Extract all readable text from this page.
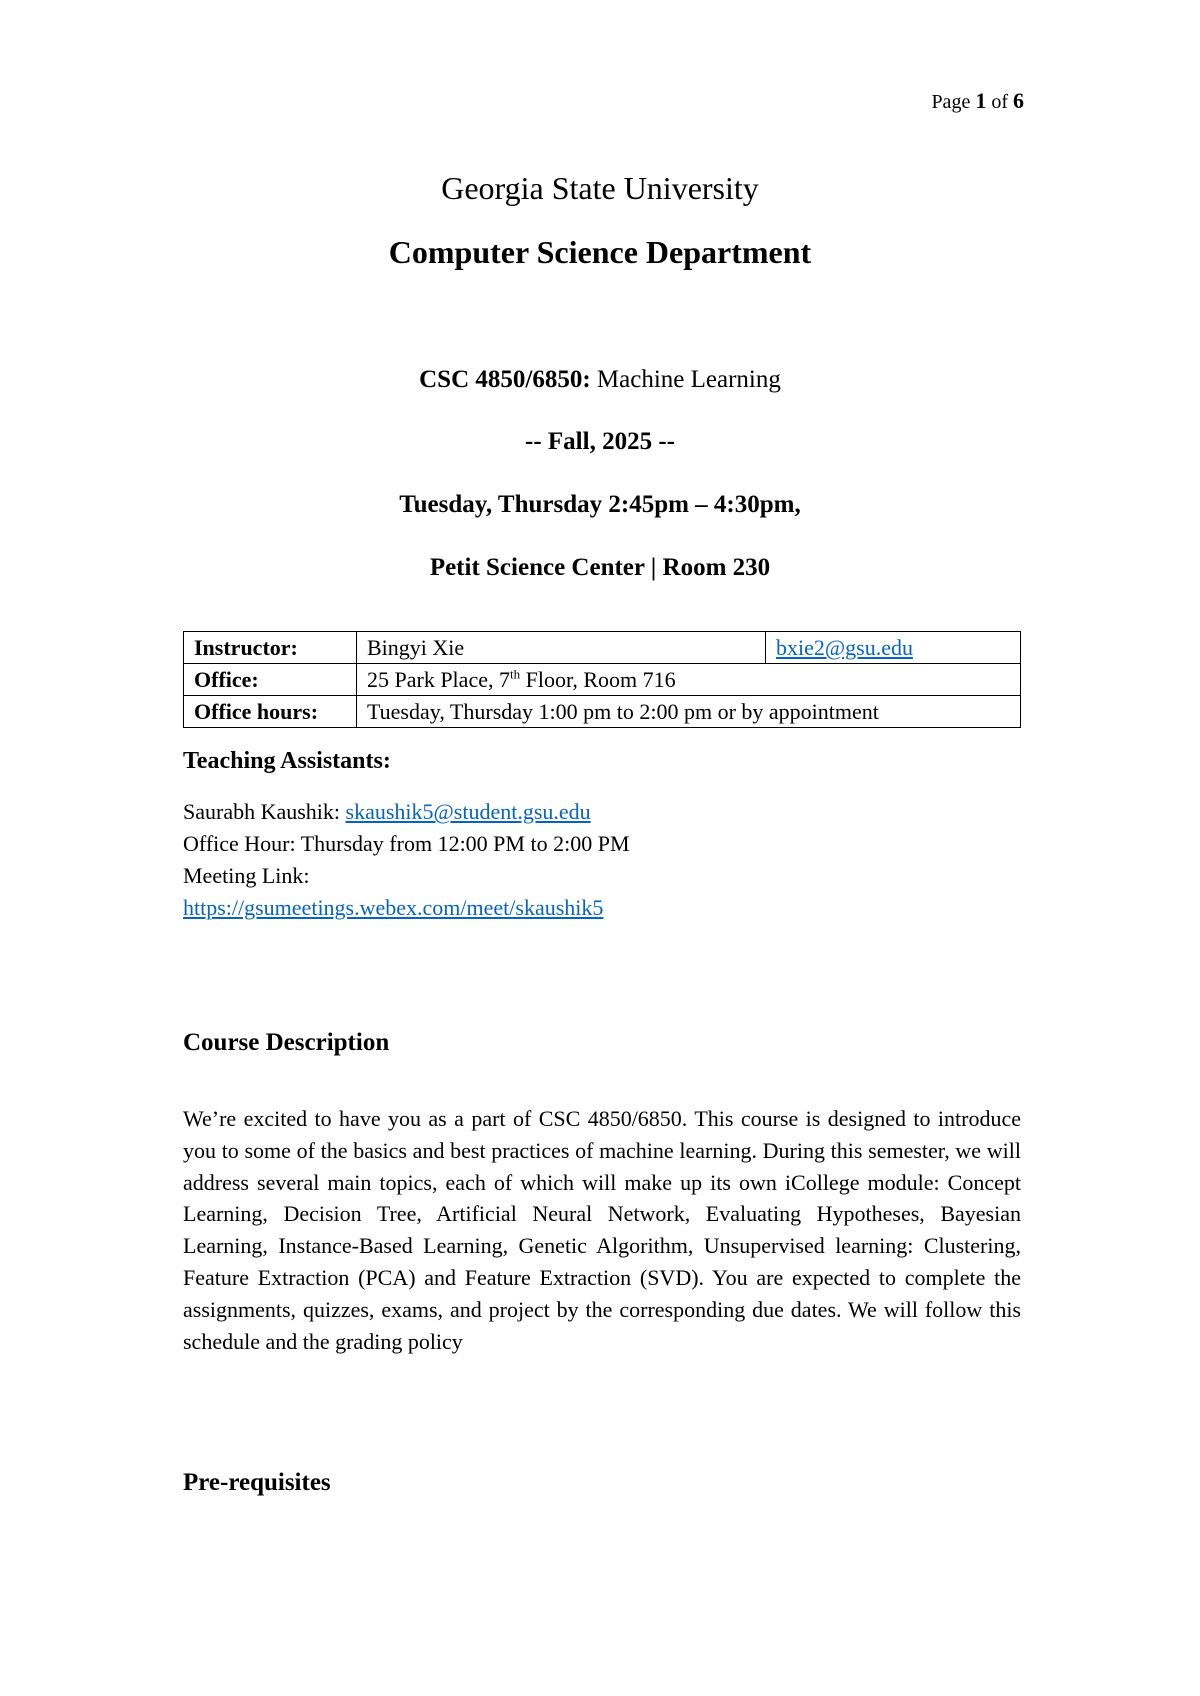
Page 1 of 6
Georgia State University
Computer Science Department
CSC 4850/6850: Machine Learning
-- Fall, 2025 --
Tuesday, Thursday 2:45pm – 4:30pm,
Petit Science Center | Room 230
Instructor:	Bingyi Xie	bxie2@gsu.edu
Office:	25 Park Place, 7th Floor, Room 716	
Office hours:	Tuesday, Thursday 1:00 pm to 2:00 pm or by appointment	
Teaching Assistants:
Saurabh Kaushik: skaushik5@student.gsu.edu
Office Hour: Thursday from 12:00 PM to 2:00 PM
Meeting Link:
https://gsumeetings.webex.com/meet/skaushik5
Course Description
We’re excited to have you as a part of CSC 4850/6850. This course is designed to introduce you to some of the basics and best practices of machine learning. During this semester, we will address several main topics, each of which will make up its own iCollege module: Concept Learning, Decision Tree, Artificial Neural Network, Evaluating Hypotheses, Bayesian Learning, Instance-Based Learning, Genetic Algorithm, Unsupervised learning: Clustering, Feature Extraction (PCA) and Feature Extraction (SVD). You are expected to complete the assignments, quizzes, exams, and project by the corresponding due dates. We will follow this schedule and the grading policy
Pre-requisites
